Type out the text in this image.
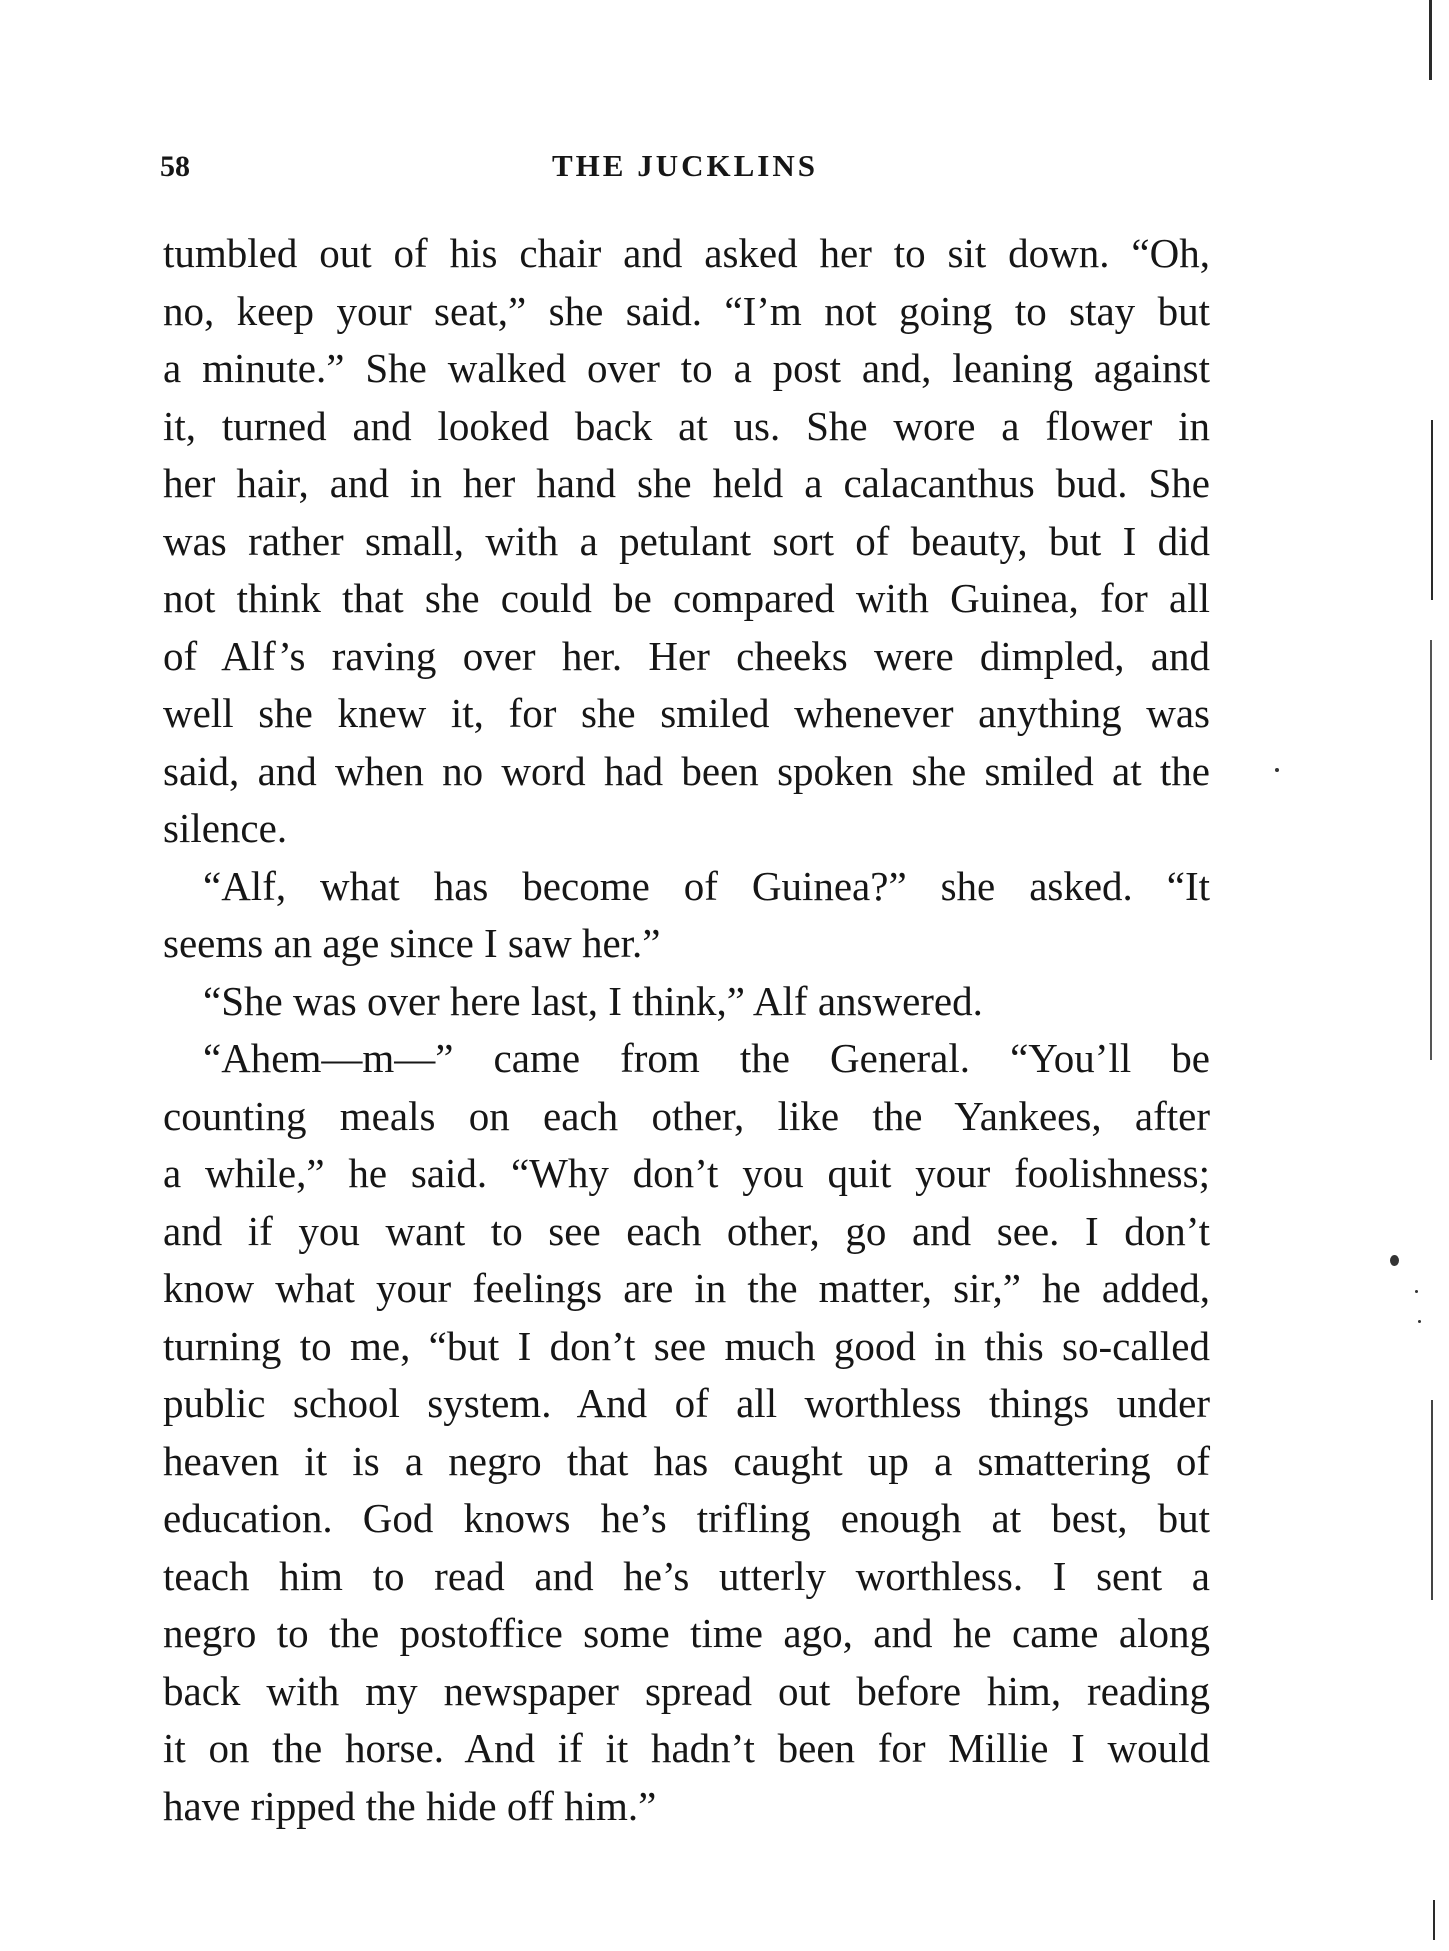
58	THE JUCKLINS

tumbled out of his chair and asked her to sit down. “Oh,
no, keep your seat,” she said. “I’m not going to stay but
a minute.” She walked over to a post and, leaning against
it, turned and looked back at us. She wore a flower in
her hair, and in her hand she held a calacanthus bud. She
was rather small, with a petulant sort of beauty, but I did
not think that she could be compared with Guinea, for all
of Alf’s raving over her. Her cheeks were dimpled, and
well she knew it, for she smiled whenever anything was
said, and when no word had been spoken she smiled at the
silence.

“Alf, what has become of Guinea?” she asked. “It
seems an age since I saw her.”

“She was over here last, I think,” Alf answered.

“Ahem—m—” came from the General. “You’ll be
counting meals on each other, like the Yankees, after
a while,” he said. “Why don’t you quit your foolishness;
and if you want to see each other, go and see. I don’t
know what your feelings are in the matter, sir,” he added,
turning to me, “but I don’t see much good in this so-called
public school system. And of all worthless things under
heaven it is a negro that has caught up a smattering of
education. God knows he’s trifling enough at best, but
teach him to read and he’s utterly worthless. I sent a
negro to the postoffice some time ago, and he came along
back with my newspaper spread out before him, reading
it on the horse. And if it hadn’t been for Millie I would
have ripped the hide off him.”
